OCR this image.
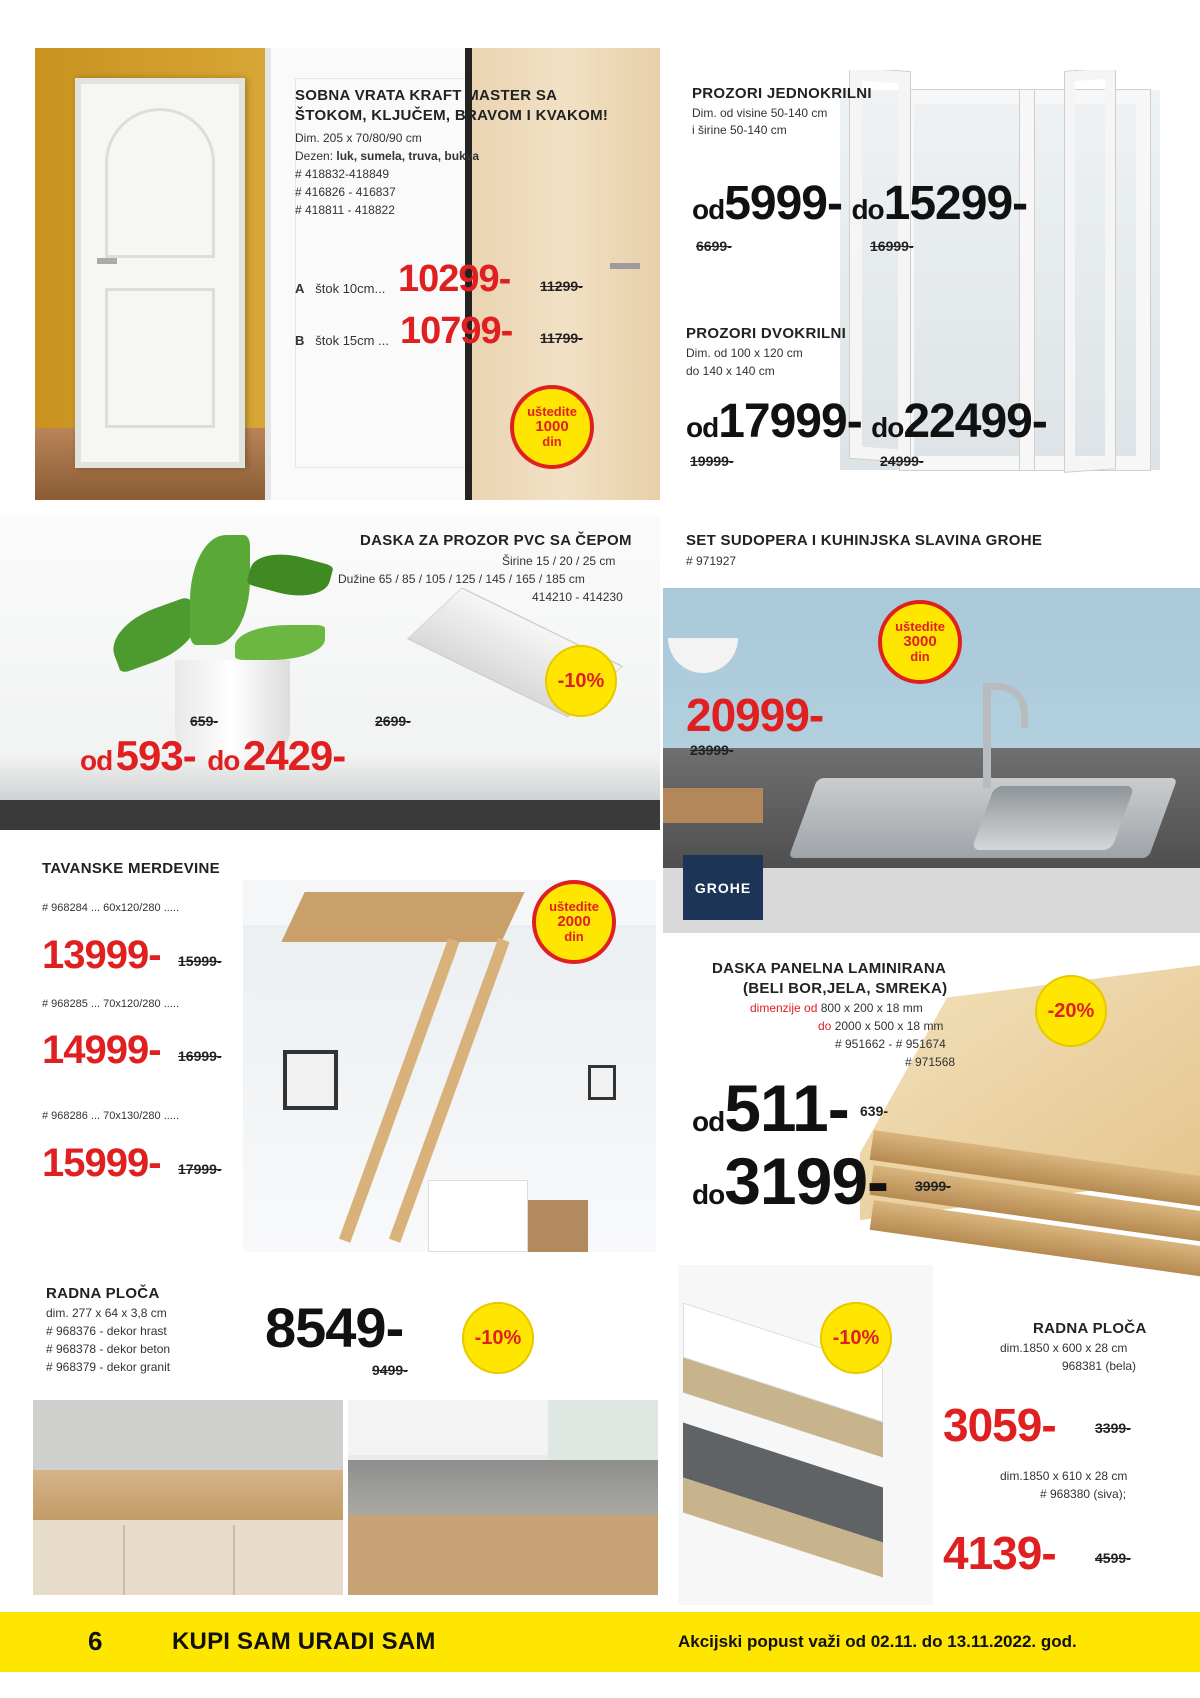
SOBNA VRATA KRAFT MASTER SA
ŠTOKOM, KLJUČEM, BRAVOM I KVAKOM!
Dim. 205 x 70/80/90 cm
Dezen: luk, sumela, truva, bukva
# 418832-418849
# 416826 - 416837
# 418811 - 418822
A štok 10cm... 10299- 11299-
B štok 15cm ... 10799- 11799-
uštedite
1000
din
PROZORI JEDNOKRILNI
Dim. od visine 50-140 cm
i širine 50-140 cm
od5999- do15299-
6699-	16999-
PROZORI DVOKRILNI
Dim. od 100 x 120 cm
do 140 x 140 cm
od17999- do22499-
19999-	24999-
DASKA ZA PROZOR PVC SA ČEPOM
Širine 15 / 20 / 25 cm
Dužine 65 / 85 / 105 / 125 / 145 / 165 / 185 cm
414210 - 414230
-10%
659-	2699-
od 593- do 2429-
SET SUDOPERA I KUHINJSKA SLAVINA GROHE
# 971927
uštedite
3000
din
20999-
23999-
GROHE
TAVANSKE MERDEVINE
# 968284 ... 60x120/280 .....
13999- 15999-
# 968285 ... 70x120/280 .....
14999- 16999-
# 968286 ... 70x130/280 .....
15999- 17999-
uštedite
2000
din
DASKA PANELNA LAMINIRANA
(BELI BOR,JELA, SMREKA)
dimenzije od 800 x 200 x 18 mm
do 2000 x 500 x 18 mm
# 951662 - # 951674
# 971568
-20%
od511- 639-
do3199- 3999-
RADNA PLOČA
dim. 277 x 64 x 3,8 cm
# 968376 - dekor hrast
# 968378 - dekor beton
# 968379 - dekor granit
8549-
9499-
-10%	-10%	RADNA PLOČA
dim.1850 x 600 x 28 cm
968381 (bela)
3059-	3399-
dim.1850 x 610 x 28 cm
# 968380 (siva);
4139-	4599-
6	KUPI SAM URADI SAM	Akcijski popust važi od 02.11. do 13.11.2022. god.
